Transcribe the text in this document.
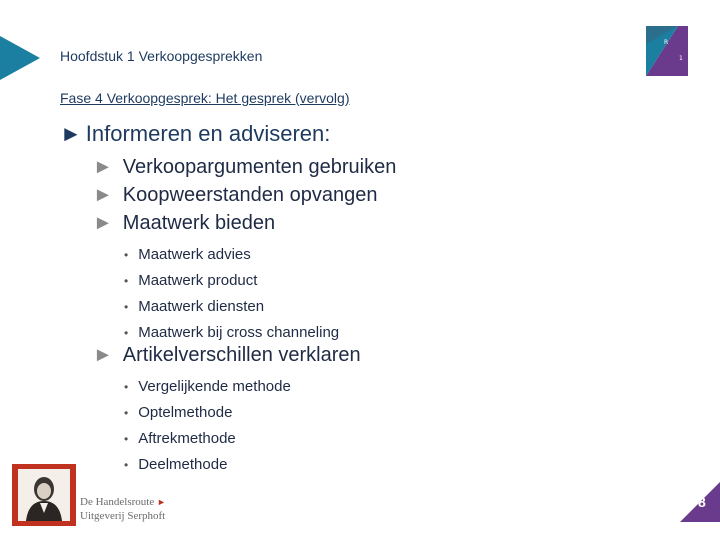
Hoofdstuk 1 Verkoopgesprekken
R
1
Fase 4 Verkoopgesprek: Het gesprek (vervolg)
► Informeren en adviseren:
► Verkoopargumenten gebruiken
► Koopweerstanden opvangen
► Maatwerk bieden
• Maatwerk advies
• Maatwerk product
• Maatwerk diensten
• Maatwerk bij cross channeling
► Artikelverschillen verklaren
• Vergelijkende methode
• Optelmethode
• Aftrekmethode
• Deelmethode
De Handelsroute ►
Uitgeverij Serphoft
8
